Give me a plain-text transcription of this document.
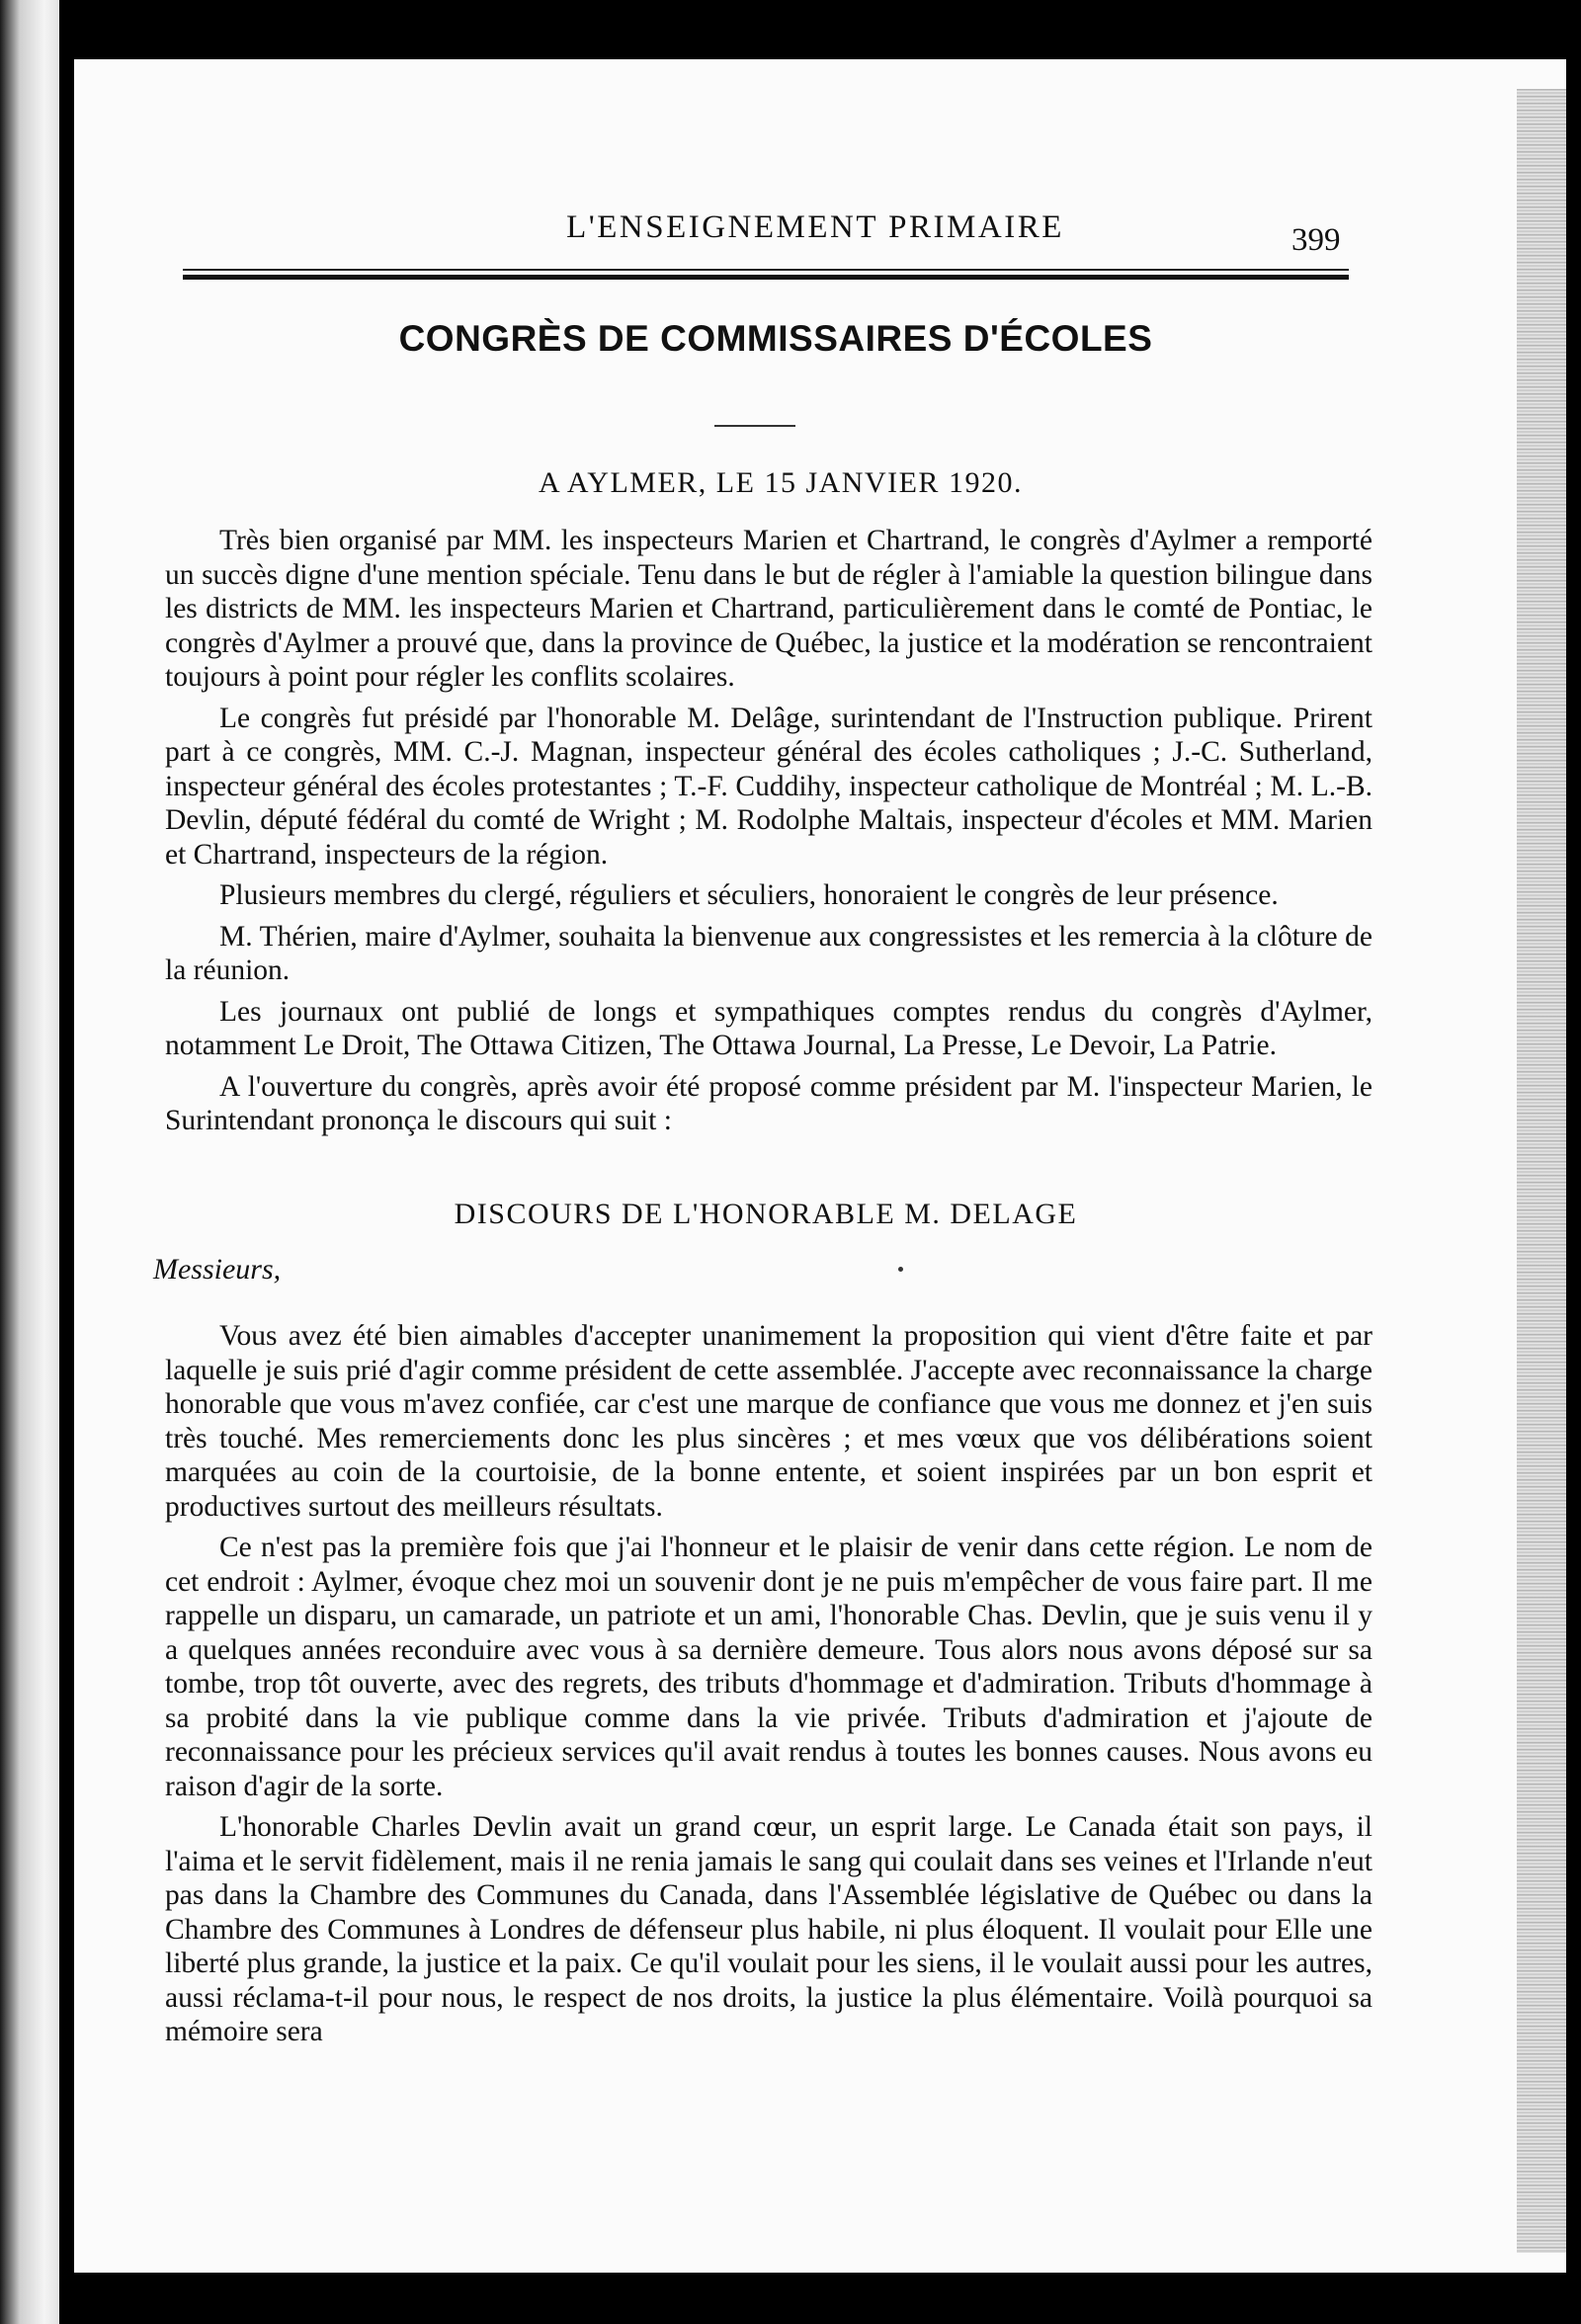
L'ENSEIGNEMENT PRIMAIRE	399
CONGRÈS DE COMMISSAIRES D'ÉCOLES
A AYLMER, LE 15 JANVIER 1920.

Très bien organisé par MM. les inspecteurs Marien et Chartrand, le congrès d'Aylmer a remporté un succès digne d'une mention spéciale. Tenu dans le but de régler à l'amiable la question bilingue dans les districts de MM. les inspecteurs Marien et Chartrand, particulièrement dans le comté de Pontiac, le congrès d'Aylmer a prouvé que, dans la province de Québec, la justice et la modération se rencontraient toujours à point pour régler les conflits scolaires.

Le congrès fut présidé par l'honorable M. Delâge, surintendant de l'Instruction publique. Prirent part à ce congrès, MM. C.-J. Magnan, inspecteur général des écoles catholiques ; J.-C. Sutherland, inspecteur général des écoles protestantes ; T.-F. Cuddihy, inspecteur catholique de Montréal ; M. L.-B. Devlin, député fédéral du comté de Wright ; M. Rodolphe Maltais, inspecteur d'écoles et MM. Marien et Chartrand, inspecteurs de la région.

Plusieurs membres du clergé, réguliers et séculiers, honoraient le congrès de leur présence.

M. Thérien, maire d'Aylmer, souhaita la bienvenue aux congressistes et les remercia à la clôture de la réunion.

Les journaux ont publié de longs et sympathiques comptes rendus du congrès d'Aylmer, notamment Le Droit, The Ottawa Citizen, The Ottawa Journal, La Presse, Le Devoir, La Patrie.

A l'ouverture du congrès, après avoir été proposé comme président par M. l'inspecteur Marien, le Surintendant prononça le discours qui suit :

DISCOURS DE L'HONORABLE M. DELAGE
Messieurs,

Vous avez été bien aimables d'accepter unanimement la proposition qui vient d'être faite et par laquelle je suis prié d'agir comme président de cette assemblée. J'accepte avec reconnaissance la charge honorable que vous m'avez confiée, car c'est une marque de confiance que vous me donnez et j'en suis très touché. Mes remerciements donc les plus sincères ; et mes vœux que vos délibérations soient marquées au coin de la courtoisie, de la bonne entente, et soient inspirées par un bon esprit et productives surtout des meilleurs résultats.

Ce n'est pas la première fois que j'ai l'honneur et le plaisir de venir dans cette région. Le nom de cet endroit : Aylmer, évoque chez moi un souvenir dont je ne puis m'empêcher de vous faire part. Il me rappelle un disparu, un camarade, un patriote et un ami, l'honorable Chas. Devlin, que je suis venu il y a quelques années reconduire avec vous à sa dernière demeure. Tous alors nous avons déposé sur sa tombe, trop tôt ouverte, avec des regrets, des tributs d'hommage et d'admiration. Tributs d'hommage à sa probité dans la vie publique comme dans la vie privée. Tributs d'admiration et j'ajoute de reconnaissance pour les précieux services qu'il avait rendus à toutes les bonnes causes. Nous avons eu raison d'agir de la sorte.

L'honorable Charles Devlin avait un grand cœur, un esprit large. Le Canada était son pays, il l'aima et le servit fidèlement, mais il ne renia jamais le sang qui coulait dans ses veines et l'Irlande n'eut pas dans la Chambre des Communes du Canada, dans l'Assemblée législative de Québec ou dans la Chambre des Communes à Londres de défenseur plus habile, ni plus éloquent. Il voulait pour Elle une liberté plus grande, la justice et la paix. Ce qu'il voulait pour les siens, il le voulait aussi pour les autres, aussi réclama-t-il pour nous, le respect de nos droits, la justice la plus élémentaire. Voilà pourquoi sa mémoire sera
